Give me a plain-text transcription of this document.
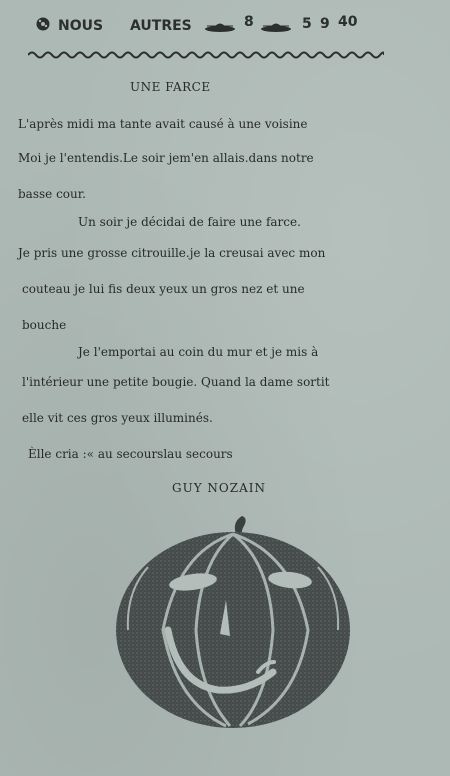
NOUS AUTRES	8	5 9 40
UNE FARCE
L'après midi ma tante avait causé à une voisine
Moi je l'entendis.Le soir jem'en allais.dans notre
basse cour.
Un soir je décidai de faire une farce.
Je pris une grosse citrouille.je la creusai avec mon
couteau je lui fis deux yeux un gros nez et une
bouche
Je l'emportai au coin du mur et je mis à
l'intérieur une petite bougie. Quand la dame sortit
elle vit ces gros yeux illuminés.
Èlle cria :« au secourslau secours
GUY NOZAIN
